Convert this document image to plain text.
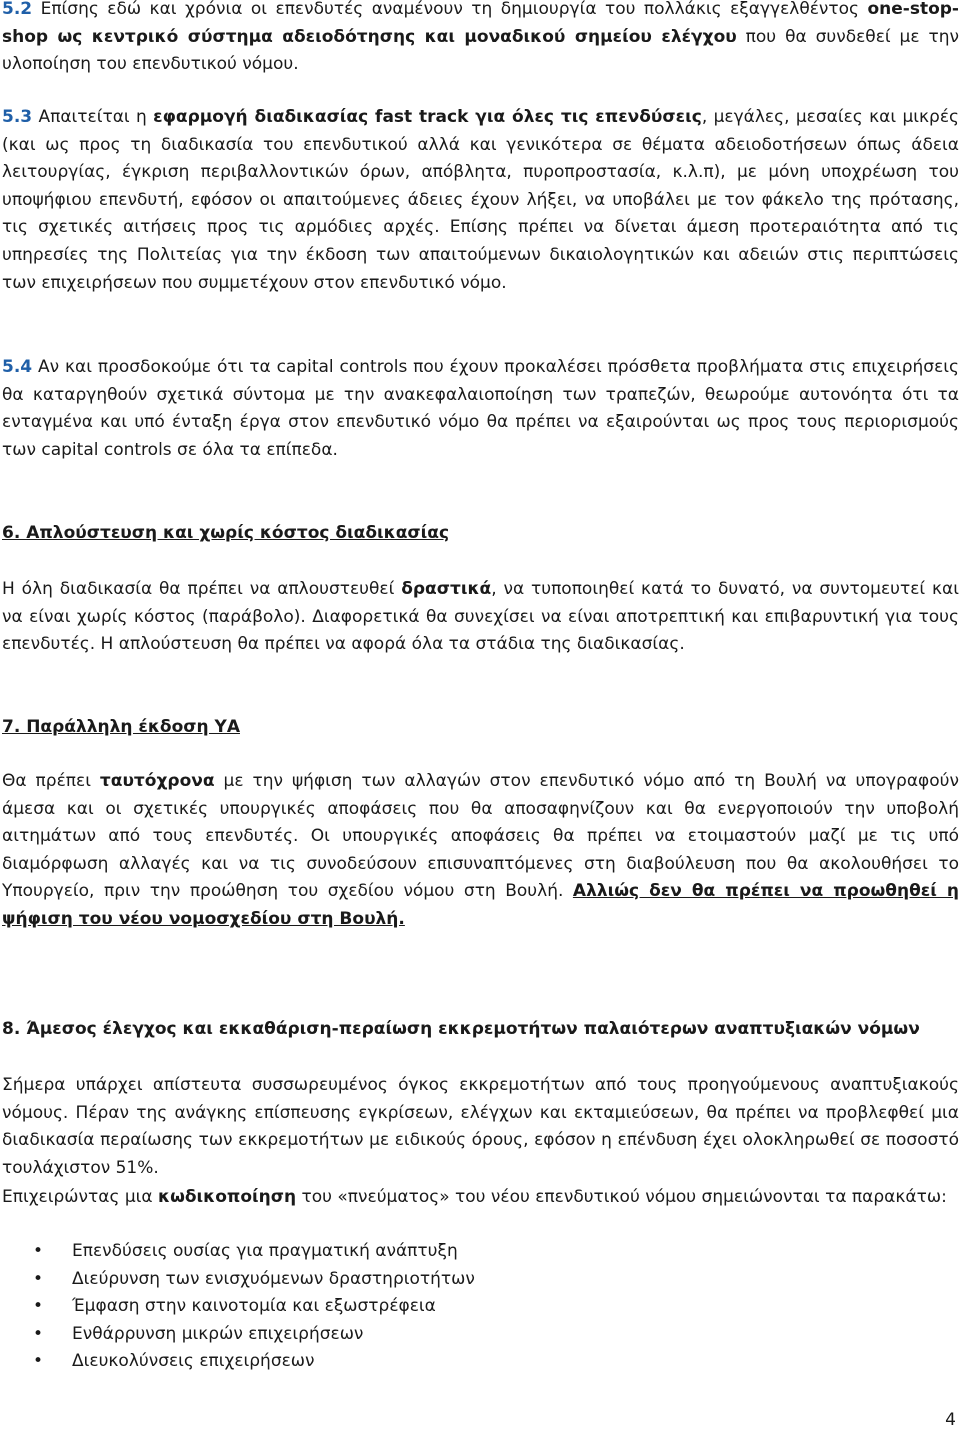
5.2 Επίσης εδώ και χρόνια οι επενδυτές αναμένουν τη δημιουργία του πολλάκις εξαγγελθέντος one-stop-shop ως κεντρικό σύστημα αδειοδότησης και μοναδικού σημείου ελέγχου που θα συνδεθεί με την υλοποίηση του επενδυτικού νόμου.

5.3 Απαιτείται η εφαρμογή διαδικασίας fast track για όλες τις επενδύσεις, μεγάλες, μεσαίες και μικρές (και ως προς τη διαδικασία του επενδυτικού αλλά και γενικότερα σε θέματα αδειοδοτήσεων όπως άδεια λειτουργίας, έγκριση περιβαλλοντικών όρων, απόβλητα, πυροπροστασία, κ.λ.π), με μόνη υποχρέωση του υποψήφιου επενδυτή, εφόσον οι απαιτούμενες άδειες έχουν λήξει, να υποβάλει με τον φάκελο της πρότασης, τις σχετικές αιτήσεις προς τις αρμόδιες αρχές. Επίσης πρέπει να δίνεται άμεση προτεραιότητα από τις υπηρεσίες της Πολιτείας για την έκδοση των απαιτούμενων δικαιολογητικών και αδειών στις περιπτώσεις των επιχειρήσεων που συμμετέχουν στον επενδυτικό νόμο.

5.4 Αν και προσδοκούμε ότι τα capital controls που έχουν προκαλέσει πρόσθετα προβλήματα στις επιχειρήσεις θα καταργηθούν σχετικά σύντομα με την ανακεφαλαιοποίηση των τραπεζών, θεωρούμε αυτονόητα ότι τα ενταγμένα και υπό ένταξη έργα στον επενδυτικό νόμο θα πρέπει να εξαιρούνται ως προς τους περιορισμούς των capital controls σε όλα τα επίπεδα.

6. Απλούστευση και χωρίς κόστος διαδικασίας

Η όλη διαδικασία θα πρέπει να απλουστευθεί δραστικά, να τυποποιηθεί κατά το δυνατό, να συντομευτεί και να είναι χωρίς κόστος (παράβολο). Διαφορετικά θα συνεχίσει να είναι αποτρεπτική και επιβαρυντική για τους επενδυτές. Η απλούστευση θα πρέπει να αφορά όλα τα στάδια της διαδικασίας.

7. Παράλληλη έκδοση ΥΑ

Θα πρέπει ταυτόχρονα με την ψήφιση των αλλαγών στον επενδυτικό νόμο από τη Βουλή να υπογραφούν άμεσα και οι σχετικές υπουργικές αποφάσεις που θα αποσαφηνίζουν και θα ενεργοποιούν την υποβολή αιτημάτων από τους επενδυτές. Οι υπουργικές αποφάσεις θα πρέπει να ετοιμαστούν μαζί με τις υπό διαμόρφωση αλλαγές και να τις συνοδεύσουν επισυναπτόμενες στη διαβούλευση που θα ακολουθήσει το Υπουργείο, πριν την προώθηση του σχεδίου νόμου στη Βουλή. Αλλιώς δεν θα πρέπει να προωθηθεί η ψήφιση του νέου νομοσχεδίου στη Βουλή.

8. Άμεσος έλεγχος και εκκαθάριση-περαίωση εκκρεμοτήτων παλαιότερων αναπτυξιακών νόμων

Σήμερα υπάρχει απίστευτα συσσωρευμένος όγκος εκκρεμοτήτων από τους προηγούμενους αναπτυξιακούς νόμους. Πέραν της ανάγκης επίσπευσης εγκρίσεων, ελέγχων και εκταμιεύσεων, θα πρέπει να προβλεφθεί μια διαδικασία περαίωσης των εκκρεμοτήτων με ειδικούς όρους, εφόσον η επένδυση έχει ολοκληρωθεί σε ποσοστό τουλάχιστον 51%.

Επιχειρώντας μια κωδικοποίηση του «πνεύματος» του νέου επενδυτικού νόμου σημειώνονται τα παρακάτω:

• Επενδύσεις ουσίας για πραγματική ανάπτυξη
• Διεύρυνση των ενισχυόμενων δραστηριοτήτων
• Έμφαση στην καινοτομία και εξωστρέφεια
• Ενθάρρυνση μικρών επιχειρήσεων
• Διευκολύνσεις επιχειρήσεων
4
